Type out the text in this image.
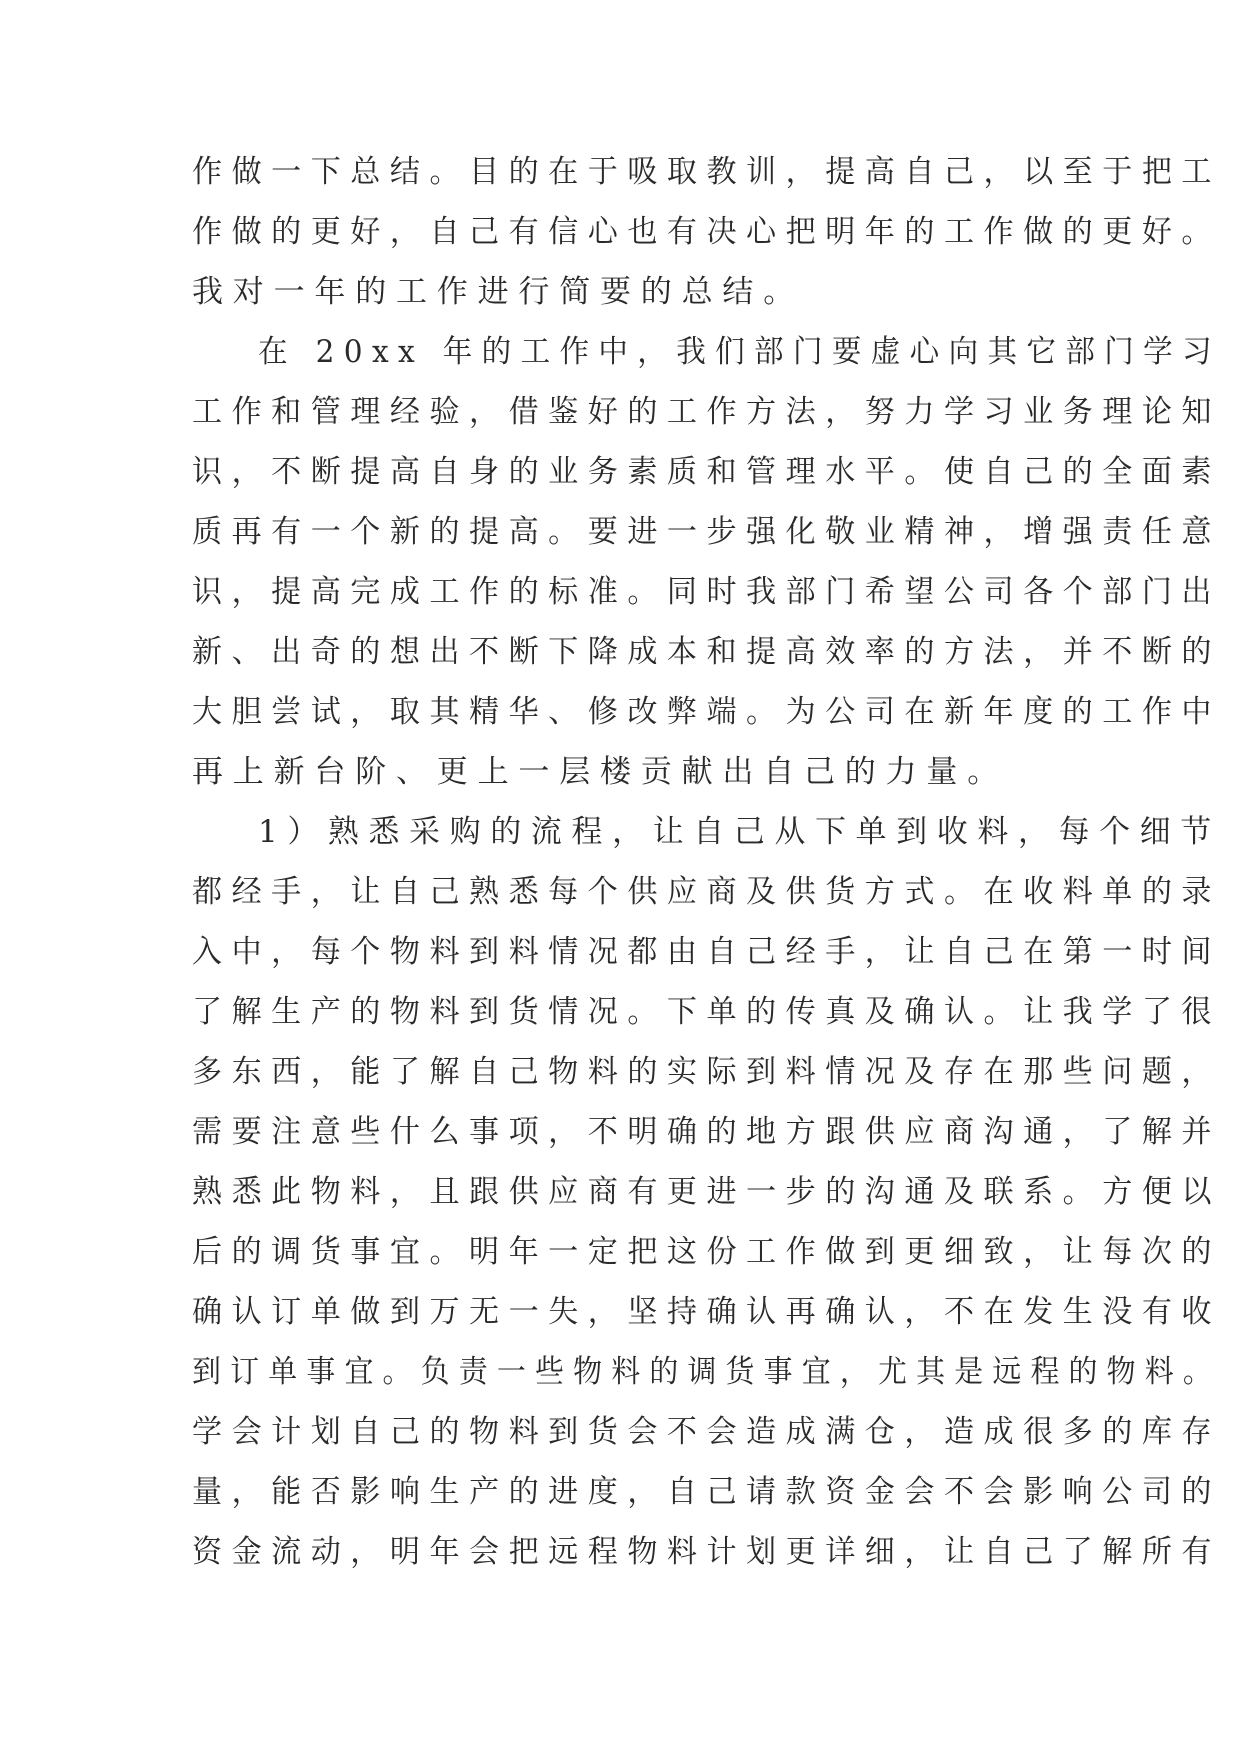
作做一下总结。目的在于吸取教训，提高自己，以至于把工
作做的更好，自己有信心也有决心把明年的工作做的更好。
我对一年的工作进行简要的总结。
在 20xx 年的工作中，我们部门要虚心向其它部门学习
工作和管理经验，借鉴好的工作方法，努力学习业务理论知
识，不断提高自身的业务素质和管理水平。使自己的全面素
质再有一个新的提高。要进一步强化敬业精神，增强责任意
识，提高完成工作的标准。同时我部门希望公司各个部门出
新、出奇的想出不断下降成本和提高效率的方法，并不断的
大胆尝试，取其精华、修改弊端。为公司在新年度的工作中
再上新台阶、更上一层楼贡献出自己的力量。
1）熟悉采购的流程，让自己从下单到收料，每个细节
都经手，让自己熟悉每个供应商及供货方式。在收料单的录
入中，每个物料到料情况都由自己经手，让自己在第一时间
了解生产的物料到货情况。下单的传真及确认。让我学了很
多东西，能了解自己物料的实际到料情况及存在那些问题，
需要注意些什么事项，不明确的地方跟供应商沟通，了解并
熟悉此物料，且跟供应商有更进一步的沟通及联系。方便以
后的调货事宜。明年一定把这份工作做到更细致，让每次的
确认订单做到万无一失，坚持确认再确认，不在发生没有收
到订单事宜。负责一些物料的调货事宜，尤其是远程的物料。
学会计划自己的物料到货会不会造成满仓，造成很多的库存
量，能否影响生产的进度，自己请款资金会不会影响公司的
资金流动，明年会把远程物料计划更详细，让自己了解所有
